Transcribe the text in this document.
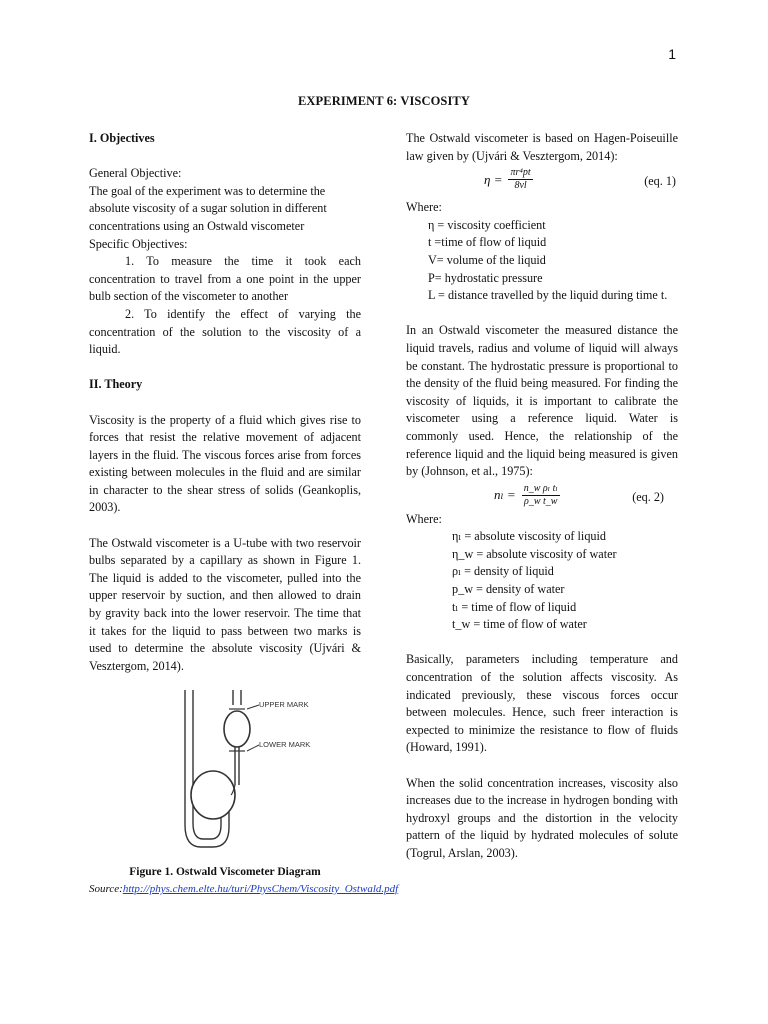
1
EXPERIMENT 6: VISCOSITY

I. Objectives

General Objective:

The goal of the experiment was to determine the absolute viscosity of a sugar solution in different concentrations using an Ostwald viscometer

Specific Objectives:

1. To measure the time it took each concentration to travel from a one point in the upper bulb section of the viscometer to another

2. To identify the effect of varying the concentration of the solution to the viscosity of a liquid.

II. Theory

Viscosity is the property of a fluid which gives rise to forces that resist the relative movement of adjacent layers in the fluid. The viscous forces arise from forces existing between molecules in the fluid and are similar in character to the shear stress of solids (Geankoplis, 2003).

The Ostwald viscometer is a U-tube with two reservoir bulbs separated by a capillary as shown in Figure 1. The liquid is added to the viscometer, pulled into the upper reservoir by suction, and then allowed to drain by gravity back into the lower reservoir. The time that it takes for the liquid to pass between two marks is used to determine the absolute viscosity (Ujvári & Vesztergom, 2014).

UPPER MARK
LOWER MARK
Figure 1. Ostwald Viscometer Diagram
Source:http://phys.chem.elte.hu/turi/PhysChem/Viscosity_Ostwald.pdf

The Ostwald viscometer is based on Hagen-Poiseuille law given by (Ujvári & Vesztergom, 2014):

$\eta = \frac{\text{πr⁴pt}}{8vl}$	(eq. 1)

Where:

η = viscosity coefficient

t =time of flow of liquid

V= volume of the liquid

P= hydrostatic pressure

L = distance travelled by the liquid during time t.

In an Ostwald viscometer the measured distance the liquid travels, radius and volume of liquid will always be constant. The hydrostatic pressure is proportional to the density of the fluid being measured. For finding the viscosity of liquids, it is important to calibrate the viscometer using a reference liquid. Water is commonly used. Hence, the relationship of the reference liquid and the liquid being measured is given by (Johnson, et al., 1975):

$n_l = \frac{\text{n\_w ρₗ tₗ}}{\text{ρ\_w t\_w}}$	(eq. 2)

Where:

ηₗ = absolute viscosity of liquid

η_w = absolute viscosity of water

ρₗ = density of liquid

p_w = density of water

tₗ = time of flow of liquid

t_w = time of flow of water

Basically, parameters including temperature and concentration of the solution affects viscosity. As indicated previously, these viscous forces occur between molecules. Hence, such freer interaction is expected to minimize the resistance to flow of fluids (Howard, 1991).

When the solid concentration increases, viscosity also increases due to the increase in hydrogen bonding with hydroxyl groups and the distortion in the velocity pattern of the liquid by hydrated molecules of solute (Togrul, Arslan, 2003).
